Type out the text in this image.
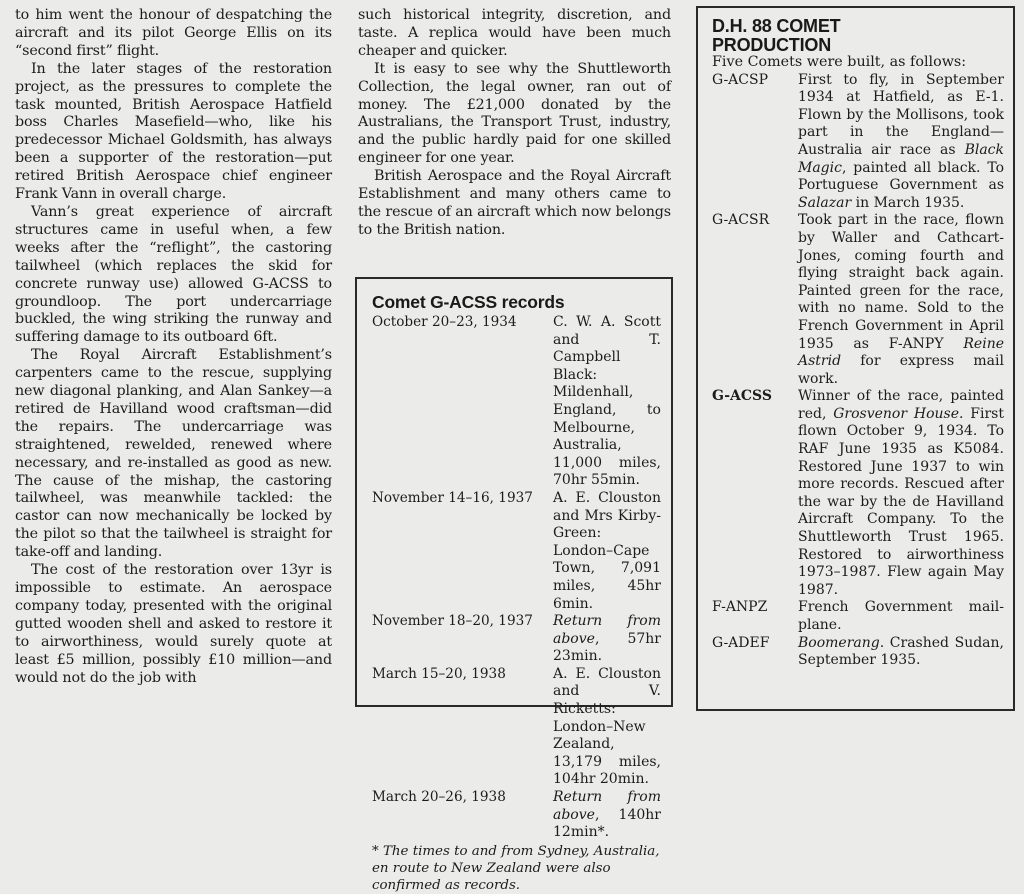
to him went the honour of despatching the aircraft and its pilot George Ellis on its “second first” flight.

In the later stages of the restoration project, as the pressures to complete the task mounted, British Aerospace Hatfield boss Charles Masefield—who, like his predecessor Michael Goldsmith, has always been a supporter of the restoration—put retired British Aerospace chief engineer Frank Vann in overall charge.

Vann’s great experience of aircraft structures came in useful when, a few weeks after the “reflight”, the castoring tailwheel (which replaces the skid for concrete runway use) allowed G-ACSS to groundloop. The port undercarriage buckled, the wing striking the runway and suffering damage to its outboard 6ft.

The Royal Aircraft Establishment’s carpenters came to the rescue, supplying new diagonal planking, and Alan Sankey—a retired de Havilland wood craftsman—did the repairs. The undercarriage was straightened, rewelded, renewed where necessary, and re-installed as good as new. The cause of the mishap, the castoring tailwheel, was meanwhile tackled: the castor can now mechanically be locked by the pilot so that the tailwheel is straight for take-off and landing.

The cost of the restoration over 13yr is impossible to estimate. An aerospace company today, presented with the original gutted wooden shell and asked to restore it to airworthiness, would surely quote at least £5 million, possibly £10 million—and would not do the job with

such historical integrity, discretion, and taste. A replica would have been much cheaper and quicker.

It is easy to see why the Shuttleworth Collection, the legal owner, ran out of money. The £21,000 donated by the Australians, the Transport Trust, industry, and the public hardly paid for one skilled engineer for one year.

British Aerospace and the Royal Aircraft Establishment and many others came to the rescue of an aircraft which now belongs to the British nation.

Comet G-ACSS records
October 20–23, 1934	C. W. A. Scott and T. Campbell Black: Mildenhall, England, to Melbourne, Australia, 11,000 miles, 70hr 55min.
November 14–16, 1937	A. E. Clouston and Mrs Kirby-Green: London–Cape Town, 7,091 miles, 45hr 6min.
November 18–20, 1937	Return from above, 57hr 23min.
March 15–20, 1938	A. E. Clouston and V. Ricketts: London–New Zealand, 13,179 miles, 104hr 20min.
March 20–26, 1938	Return from above, 140hr 12min*.
* The times to and from Sydney, Australia, en route to New Zealand were also confirmed as records.
D.H. 88 COMET
PRODUCTION
Five Comets were built, as follows:
G-ACSP	First to fly, in September 1934 at Hatfield, as E-1. Flown by the Mollisons, took part in the England—Australia air race as Black Magic, painted all black. To Portuguese Government as Salazar in March 1935.
G-ACSR	Took part in the race, flown by Waller and Cathcart-Jones, coming fourth and flying straight back again. Painted green for the race, with no name. Sold to the French Government in April 1935 as F-ANPY Reine Astrid for express mail work.
G-ACSS	Winner of the race, painted red, Grosvenor House. First flown October 9, 1934. To RAF June 1935 as K5084. Restored June 1937 to win more records. Rescued after the war by the de Havilland Aircraft Company. To the Shuttleworth Trust 1965. Restored to airworthiness 1973–1987. Flew again May 1987.
F-ANPZ	French Government mail-plane.
G-ADEF	Boomerang. Crashed Sudan, September 1935.
